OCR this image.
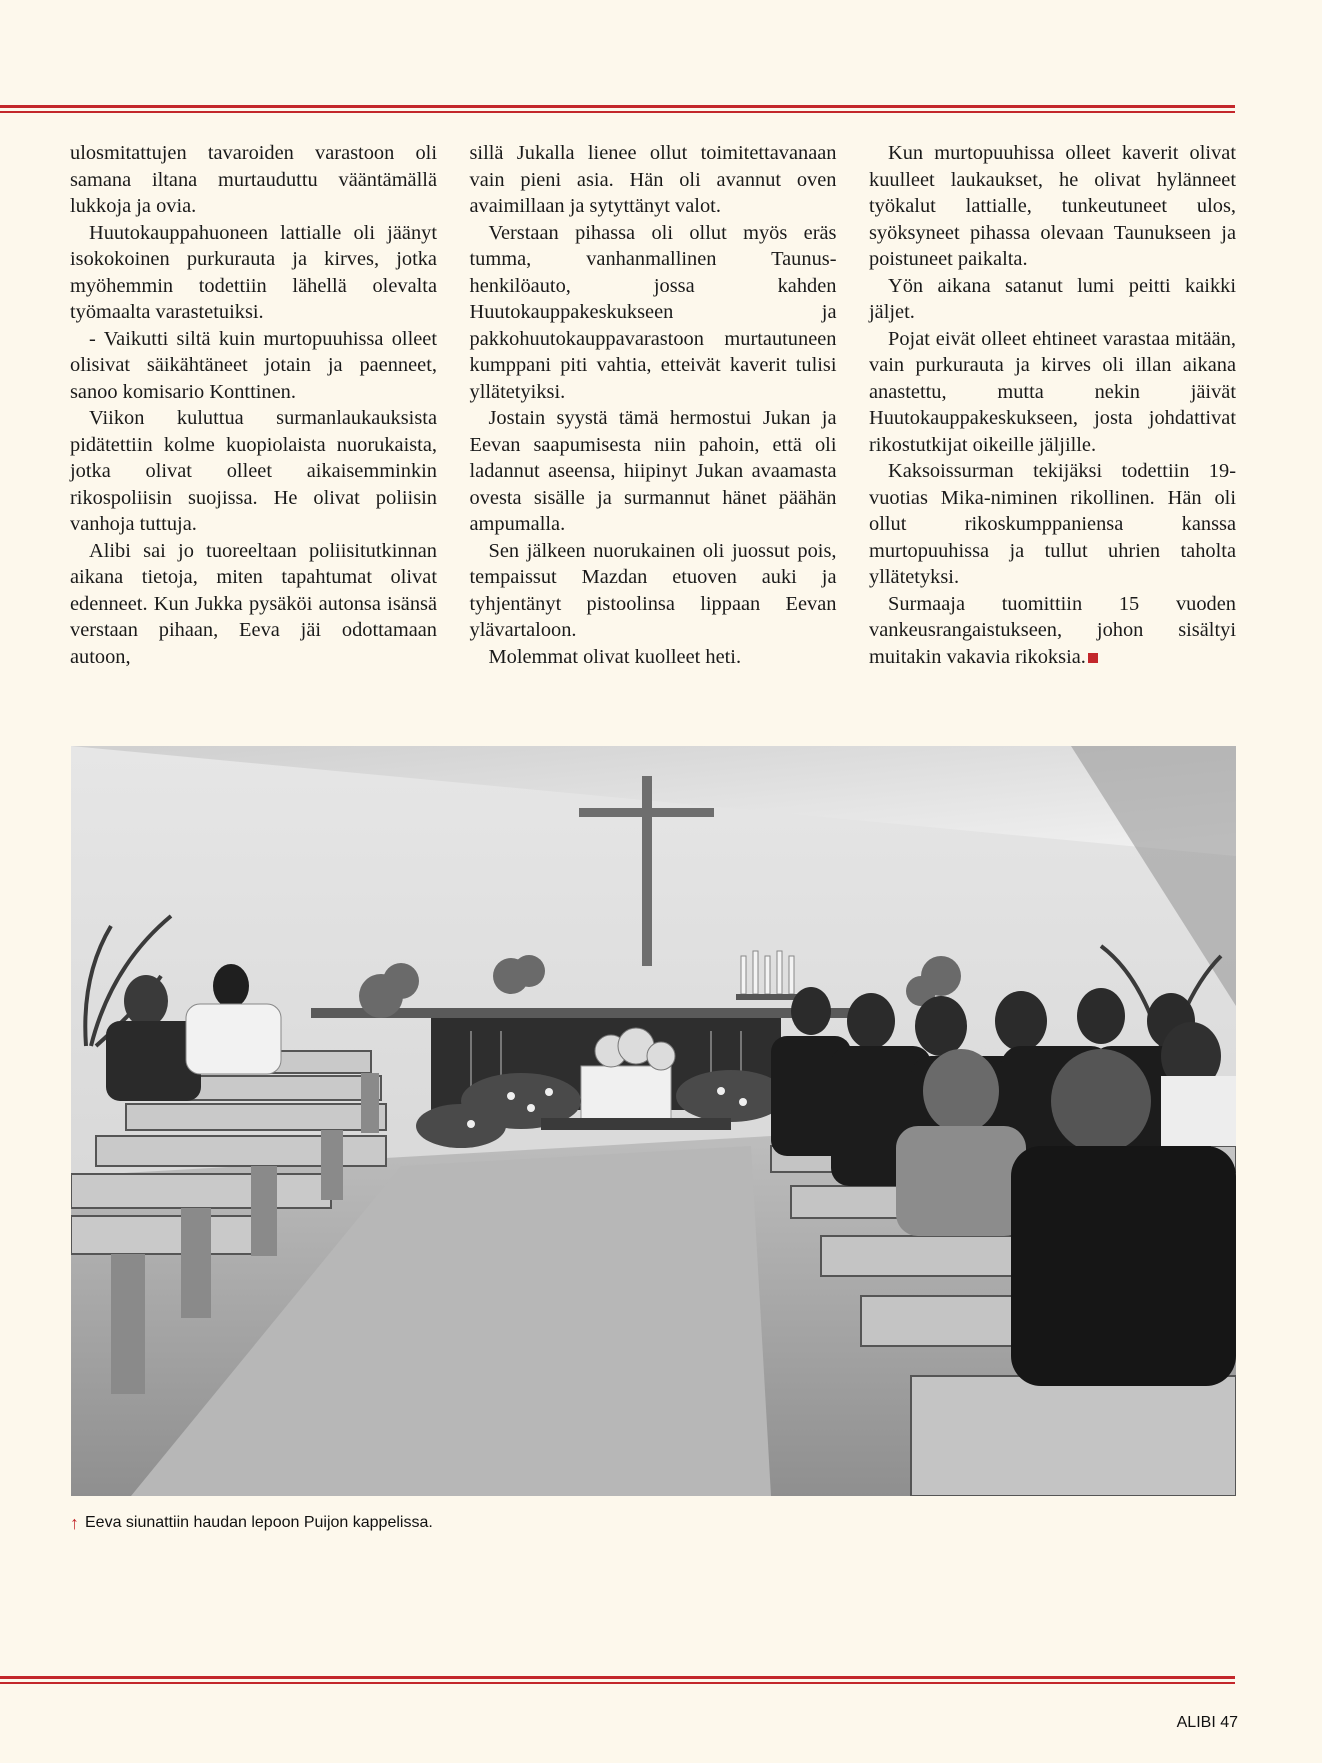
ulosmitattujen tavaroiden varastoon oli samana iltana murtauduttu vääntämällä lukkoja ja ovia.

Huutokauppahuoneen lattialle oli jäänyt isokokoinen purkurauta ja kirves, jotka myöhemmin todettiin lähellä olevalta työmaalta varastetuiksi.

- Vaikutti siltä kuin murtopuuhissa olleet olisivat säikähtäneet jotain ja paenneet, sanoo komisario Konttinen.

Viikon kuluttua surmanlaukauksista pidätettiin kolme kuopiolaista nuorukaista, jotka olivat olleet aikaisemminkin rikospoliisin suojissa. He olivat poliisin vanhoja tuttuja.

Alibi sai jo tuoreeltaan poliisitutkinnan aikana tietoja, miten tapahtumat olivat edenneet. Kun Jukka pysäköi autonsa isänsä verstaan pihaan, Eeva jäi odottamaan autoon,

sillä Jukalla lienee ollut toimitettavanaan vain pieni asia. Hän oli avannut oven avaimillaan ja sytyttänyt valot.

Verstaan pihassa oli ollut myös eräs tumma, vanhanmallinen Taunus-henkilöauto, jossa kahden Huutokauppakeskukseen ja pakkohuutokauppavarastoon murtautuneen kumppani piti vahtia, etteivät kaverit tulisi yllätetyiksi.

Jostain syystä tämä hermostui Jukan ja Eevan saapumisesta niin pahoin, että oli ladannut aseensa, hiipinyt Jukan avaamasta ovesta sisälle ja surmannut hänet päähän ampumalla.

Sen jälkeen nuorukainen oli juossut pois, tempaissut Mazdan etuoven auki ja tyhjentänyt pistoolinsa lippaan Eevan ylävartaloon.

Molemmat olivat kuolleet heti.

Kun murtopuuhissa olleet kaverit olivat kuulleet laukaukset, he olivat hylänneet työkalut lattialle, tunkeutuneet ulos, syöksyneet pihassa olevaan Taunukseen ja poistuneet paikalta.

Yön aikana satanut lumi peitti kaikki jäljet.

Pojat eivät olleet ehtineet varastaa mitään, vain purkurauta ja kirves oli illan aikana anastettu, mutta nekin jäivät Huutokauppakeskukseen, josta johdattivat rikostutkijat oikeille jäljille.

Kaksoissurman tekijäksi todettiin 19-vuotias Mika-niminen rikollinen. Hän oli ollut rikoskumppaniensa kanssa murtopuuhissa ja tullut uhrien taholta yllätetyksi.

Surmaaja tuomittiin 15 vuoden vankeusrangaistukseen, johon sisältyi muitakin vakavia rikoksia.

↑ Eeva siunattiin haudan lepoon Puijon kappelissa.
ALIBI 47
